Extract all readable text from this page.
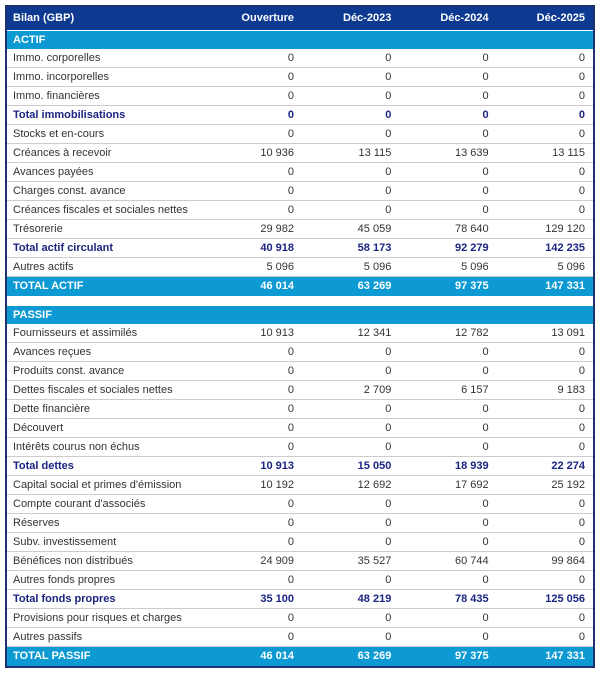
Bilan (GBP)	Ouverture	Déc-2023	Déc-2024	Déc-2025
ACTIF				
Immo. corporelles	0	0	0	0
Immo. incorporelles	0	0	0	0
Immo. financières	0	0	0	0
Total immobilisations	0	0	0	0
Stocks et en-cours	0	0	0	0
Créances à recevoir	10 936	13 115	13 639	13 115
Avances payées	0	0	0	0
Charges const. avance	0	0	0	0
Créances fiscales et sociales nettes	0	0	0	0
Trésorerie	29 982	45 059	78 640	129 120
Total actif circulant	40 918	58 173	92 279	142 235
Autres actifs	5 096	5 096	5 096	5 096
TOTAL ACTIF	46 014	63 269	97 375	147 331

PASSIF				
Fournisseurs et assimilés	10 913	12 341	12 782	13 091
Avances reçues	0	0	0	0
Produits const. avance	0	0	0	0
Dettes fiscales et sociales nettes	0	2 709	6 157	9 183
Dette financière	0	0	0	0
Découvert	0	0	0	0
Intérêts courus non échus	0	0	0	0
Total dettes	10 913	15 050	18 939	22 274
Capital social et primes d'émission	10 192	12 692	17 692	25 192
Compte courant d'associés	0	0	0	0
Réserves	0	0	0	0
Subv. investissement	0	0	0	0
Bénéfices non distribués	24 909	35 527	60 744	99 864
Autres fonds propres	0	0	0	0
Total fonds propres	35 100	48 219	78 435	125 056
Provisions pour risques et charges	0	0	0	0
Autres passifs	0	0	0	0
TOTAL PASSIF	46 014	63 269	97 375	147 331
